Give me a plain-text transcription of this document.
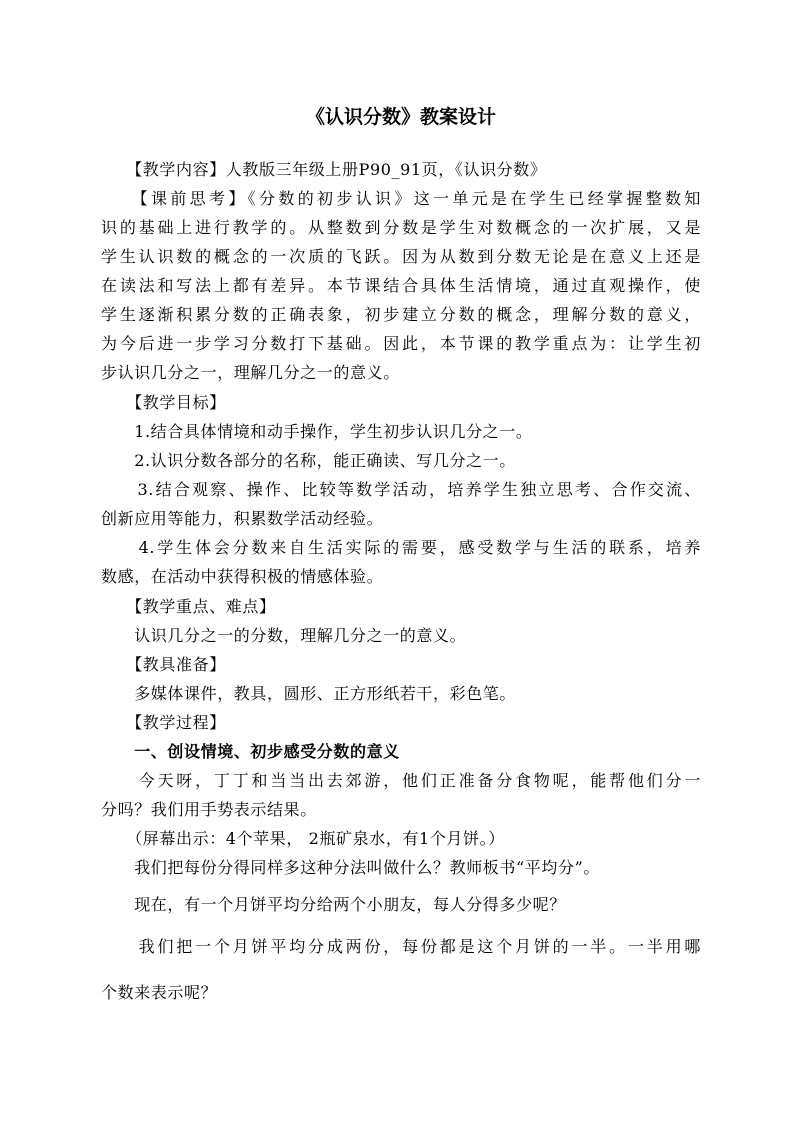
《认识分数》教案设计
　　【教学内容】人教版三年级上册P90_91页，《认识分数》
　　【课前思考】《分数的初步认识》这一单元是在学生已经掌握整数知
识的基础上进行教学的。从整数到分数是学生对数概念的一次扩展，又是
学生认识数的概念的一次质的飞跃。因为从数到分数无论是在意义上还是
在读法和写法上都有差异。本节课结合具体生活情境，通过直观操作，使
学生逐渐积累分数的正确表象，初步建立分数的概念，理解分数的意义，
为今后进一步学习分数打下基础。因此，本节课的教学重点为：让学生初
步认识几分之一，理解几分之一的意义。
　　【教学目标】
　　1.结合具体情境和动手操作，学生初步认识几分之一。
　　2.认识分数各部分的名称，能正确读、写几分之一。
　　3.结合观察、操作、比较等数学活动，培养学生独立思考、合作交流、
创新应用等能力，积累数学活动经验。
　　4.学生体会分数来自生活实际的需要，感受数学与生活的联系，培养
数感，在活动中获得积极的情感体验。
　　【教学重点、难点】
　　认识几分之一的分数，理解几分之一的意义。
　　【教具准备】
　　多媒体课件，教具，圆形、正方形纸若干，彩色笔。
　　【教学过程】
　　一、创设情境、初步感受分数的意义
　　今天呀，丁丁和当当出去郊游，他们正准备分食物呢，能帮他们分一
分吗？我们用手势表示结果。
　　（屏幕出示：4个苹果， 2瓶矿泉水，有1个月饼。）
　　我们把每份分得同样多这种分法叫做什么？教师板书“平均分”。
　　现在，有一个月饼平均分给两个小朋友，每人分得多少呢？
　　我们把一个月饼平均分成两份，每份都是这个月饼的一半。一半用哪
个数来表示呢？
